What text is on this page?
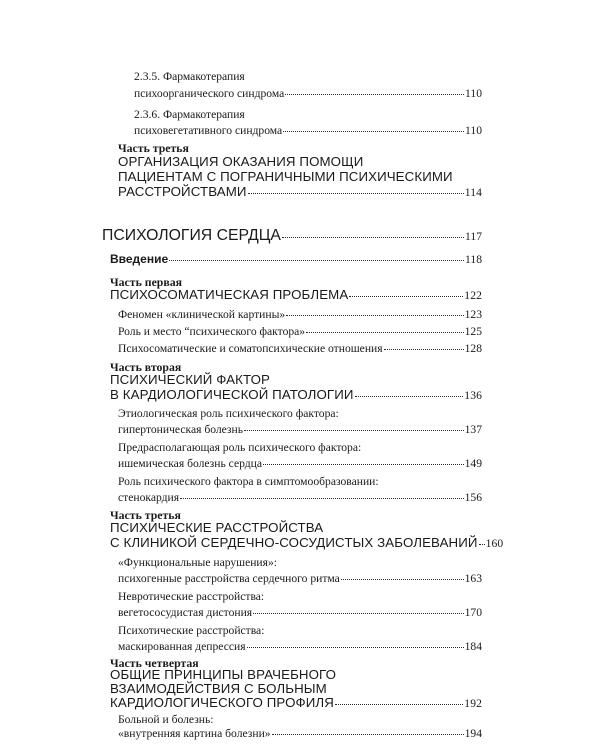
2.3.5. Фармакотерапия
психоорганического синдрома	110
2.3.6. Фармакотерапия
психовегетативного синдрома	110
Часть третья
ОРГАНИЗАЦИЯ ОКАЗАНИЯ ПОМОЩИ
ПАЦИЕНТАМ С ПОГРАНИЧНЫМИ ПСИХИЧЕСКИМИ
РАССТРОЙСТВАМИ	114
ПСИХОЛОГИЯ СЕРДЦА	117
Введение	118
Часть первая
ПСИХОСОМАТИЧЕСКАЯ ПРОБЛЕМА	122
Феномен «клинической картины»	123
Роль и место “психического фактора»	125
Психосоматические и соматопсихические отношения	128
Часть вторая
ПСИХИЧЕСКИЙ ФАКТОР
В КАРДИОЛОГИЧЕСКОЙ ПАТОЛОГИИ	136
Этиологическая роль психического фактора:
гипертоническая болезнь	137
Предрасполагающая роль психического фактора:
ишемическая болезнь сердца	149
Роль психического фактора в симптомообразовании:
стенокардия	156
Часть третья
ПСИХИЧЕСКИЕ РАССТРОЙСТВА
С КЛИНИКОЙ СЕРДЕЧНО-СОСУДИСТЫХ ЗАБОЛЕВАНИЙ 160
«Функциональные нарушения»:
психогенные расстройства сердечного ритма	163
Невротические расстройства:
вегетососудистая дистония	170
Психотические расстройства:
маскированная депрессия	184
Часть четвертая
ОБЩИЕ ПРИНЦИПЫ ВРАЧЕБНОГО
ВЗАИМОДЕЙСТВИЯ С БОЛЬНЫМ
КАРДИОЛОГИЧЕСКОГО ПРОФИЛЯ	192
Больной и болезнь:
«внутренняя картина болезни»	194
